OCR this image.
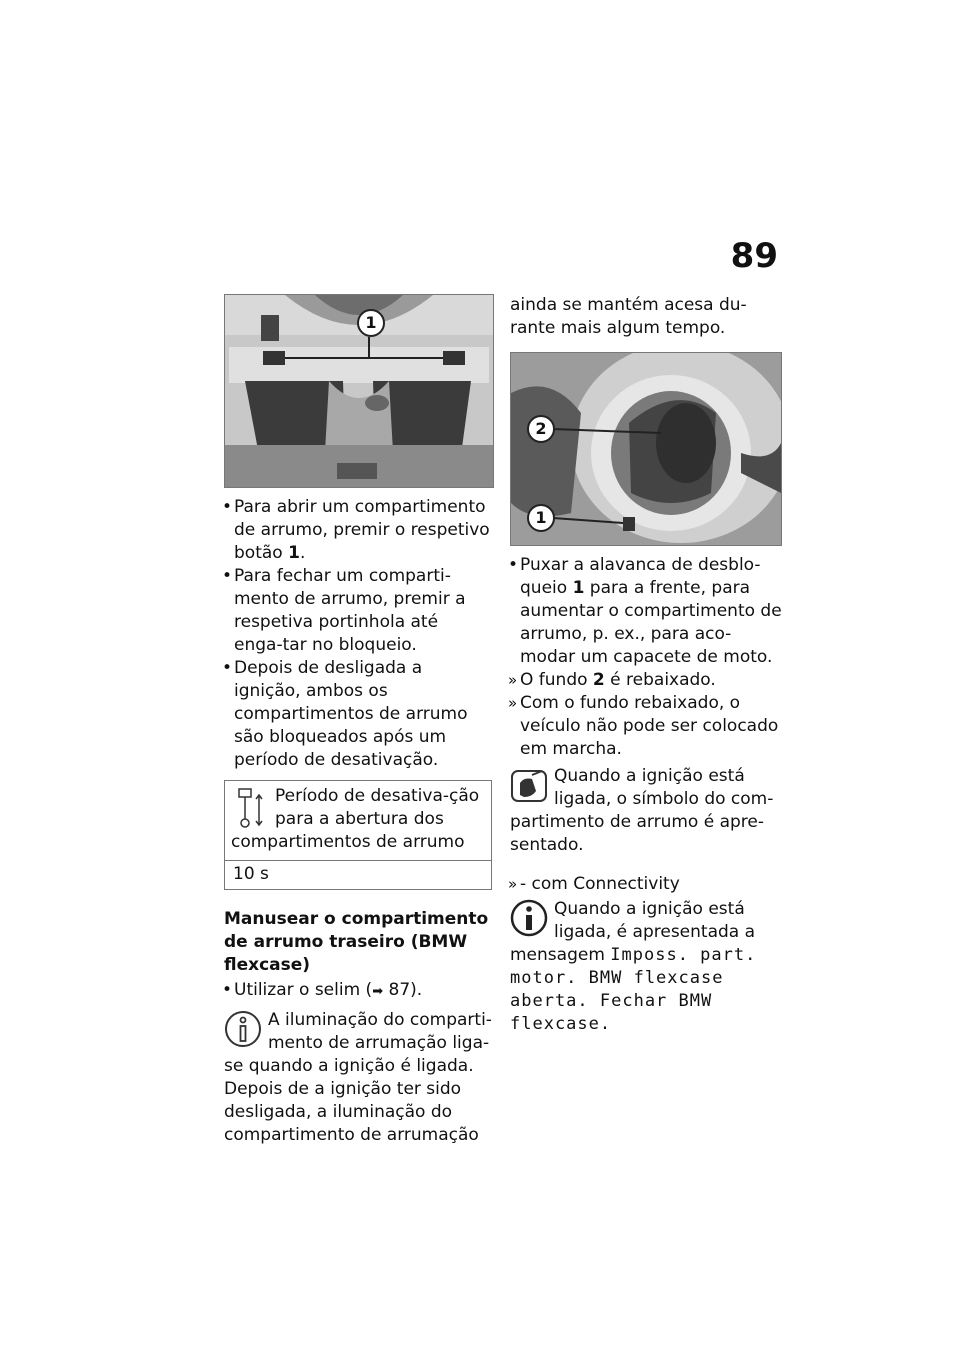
89
1
• Para abrir um compartimento de arrumo, premir o respetivo botão 1.
• Para fechar um comparti-mento de arrumo, premir a respetiva portinhola até enga-tar no bloqueio.
• Depois de desligada a ignição, ambos os compartimentos de arrumo são bloqueados após um período de desativação.
Período de desativa-ção para a abertura dos compartimentos de arrumo
10 s
Manusear o compartimento de arrumo traseiro (BMW flexcase)
• Utilizar o selim (➡ 87).
A iluminação do comparti-mento de arrumação liga-se quando a ignição é ligada. Depois de a ignição ter sido desligada, a iluminação do compartimento de arrumação

ainda se mantém acesa du-rante mais algum tempo.

2
1
• Puxar a alavanca de desblo-queio 1 para a frente, para aumentar o compartimento de arrumo, p. ex., para aco-modar um capacete de moto.
» O fundo 2 é rebaixado.
» Com o fundo rebaixado, o veículo não pode ser colocado em marcha.
Quando a ignição está ligada, o símbolo do com-partimento de arrumo é apre-sentado.
» - com Connectivity
Quando a ignição está ligada, é apresentada a mensagem Imposs. part. motor. BMW flexcase aberta. Fechar BMW flexcase.
